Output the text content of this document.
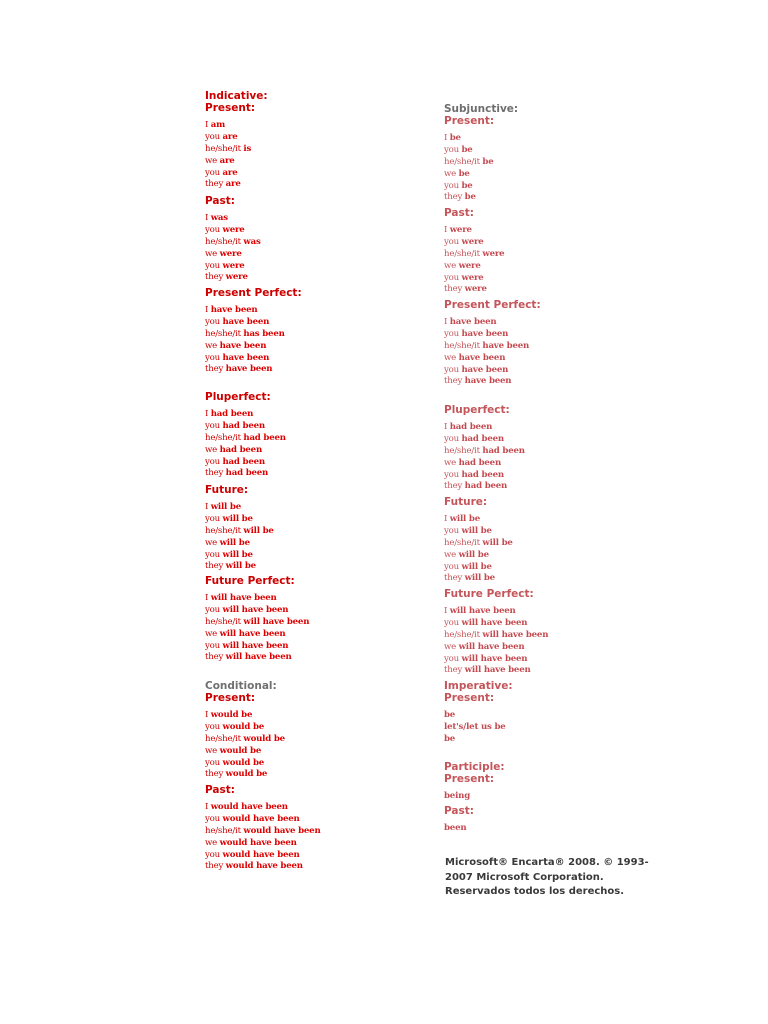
Indicative:
Present:
I am
you are
he/she/it is
we are
you are
they are
Past:
I was
you were
he/she/it was
we were
you were
they were
Present Perfect:
I have been
you have been
he/she/it has been
we have been
you have been
they have been
Pluperfect:
I had been
you had been
he/she/it had been
we had been
you had been
they had been
Future:
I will be
you will be
he/she/it will be
we will be
you will be
they will be
Future Perfect:
I will have been
you will have been
he/she/it will have been
we will have been
you will have been
they will have been
Conditional:
Present:
I would be
you would be
he/she/it would be
we would be
you would be
they would be
Past:
I would have been
you would have been
he/she/it would have been
we would have been
you would have been
they would have been
Subjunctive:
Present:
I be
you be
he/she/it be
we be
you be
they be
Past:
I were
you were
he/she/it were
we were
you were
they were
Present Perfect:
I have been
you have been
he/she/it have been
we have been
you have been
they have been
Pluperfect:
I had been
you had been
he/she/it had been
we had been
you had been
they had been
Future:
I will be
you will be
he/she/it will be
we will be
you will be
they will be
Future Perfect:
I will have been
you will have been
he/she/it will have been
we will have been
you will have been
they will have been
Imperative:
Present:
be
let's/let us be
be
Participle:
Present:
being
Past:
been
Microsoft® Encarta® 2008. © 1993-2007 Microsoft Corporation. Reservados todos los derechos.
